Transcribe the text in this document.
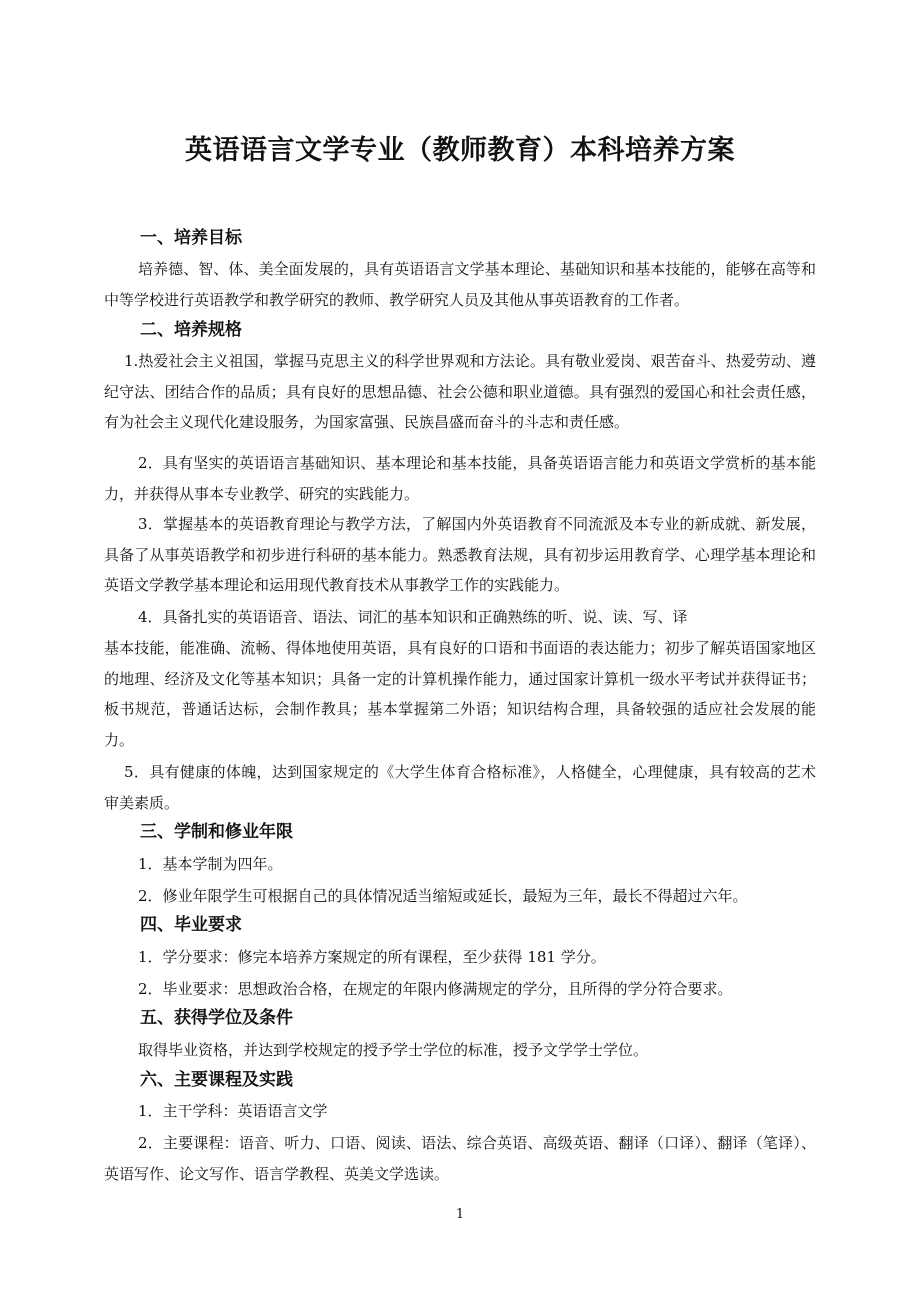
英语语言文学专业（教师教育）本科培养方案
一、培养目标
培养德、智、体、美全面发展的，具有英语语言文学基本理论、基础知识和基本技能的，能够在高等和中等学校进行英语教学和教学研究的教师、教学研究人员及其他从事英语教育的工作者。
二、培养规格
1.热爱社会主义祖国，掌握马克思主义的科学世界观和方法论。具有敬业爱岗、艰苦奋斗、热爱劳动、遵纪守法、团结合作的品质；具有良好的思想品德、社会公德和职业道德。具有强烈的爱国心和社会责任感，有为社会主义现代化建设服务，为国家富强、民族昌盛而奋斗的斗志和责任感。
2．具有坚实的英语语言基础知识、基本理论和基本技能，具备英语语言能力和英语文学赏析的基本能力，并获得从事本专业教学、研究的实践能力。
3．掌握基本的英语教育理论与教学方法，了解国内外英语教育不同流派及本专业的新成就、新发展，具备了从事英语教学和初步进行科研的基本能力。熟悉教育法规，具有初步运用教育学、心理学基本理论和英语文学教学基本理论和运用现代教育技术从事教学工作的实践能力。
4．具备扎实的英语语音、语法、词汇的基本知识和正确熟练的听、说、读、写、译
基本技能，能准确、流畅、得体地使用英语，具有良好的口语和书面语的表达能力；初步了解英语国家地区的地理、经济及文化等基本知识；具备一定的计算机操作能力，通过国家计算机一级水平考试并获得证书；板书规范，普通话达标，会制作教具；基本掌握第二外语；知识结构合理，具备较强的适应社会发展的能力。
5．具有健康的体魄，达到国家规定的《大学生体育合格标准》，人格健全，心理健康，具有较高的艺术审美素质。
三、学制和修业年限
1．基本学制为四年。
2．修业年限学生可根据自己的具体情况适当缩短或延长，最短为三年，最长不得超过六年。
四、毕业要求
1．学分要求：修完本培养方案规定的所有课程，至少获得 181 学分。
2．毕业要求：思想政治合格，在规定的年限内修满规定的学分，且所得的学分符合要求。
五、获得学位及条件
取得毕业资格，并达到学校规定的授予学士学位的标准，授予文学学士学位。
六、主要课程及实践
1．主干学科：英语语言文学
2．主要课程：语音、听力、口语、阅读、语法、综合英语、高级英语、翻译（口译）、翻译（笔译）、英语写作、论文写作、语言学教程、英美文学选读。
1
